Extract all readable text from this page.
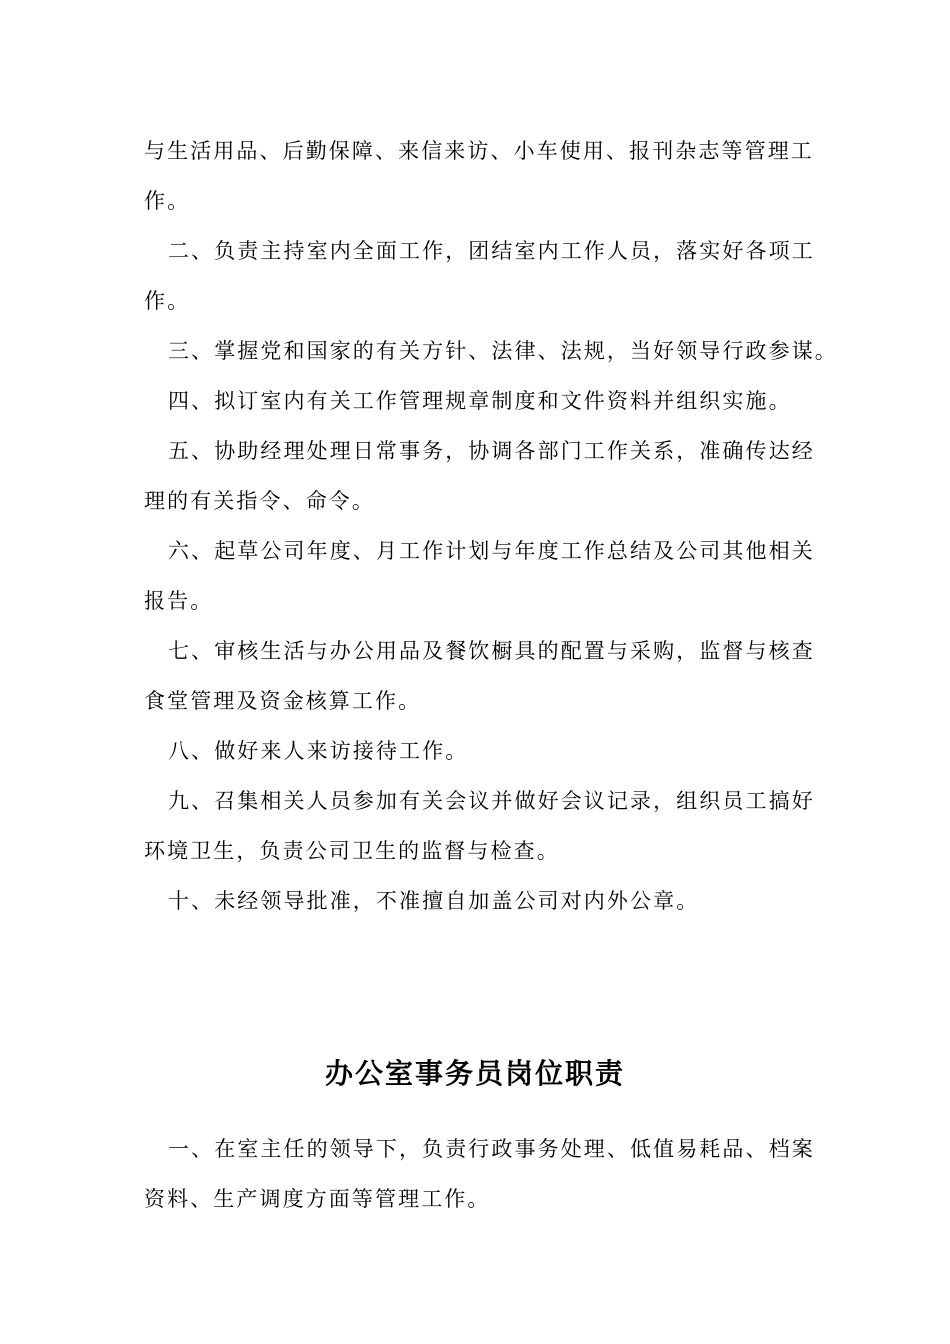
与生活用品、后勤保障、来信来访、小车使用、报刊杂志等管理工
作。
二、负责主持室内全面工作，团结室内工作人员，落实好各项工
作。
三、掌握党和国家的有关方针、法律、法规，当好领导行政参谋。
四、拟订室内有关工作管理规章制度和文件资料并组织实施。
五、协助经理处理日常事务，协调各部门工作关系，准确传达经
理的有关指令、命令。
六、起草公司年度、月工作计划与年度工作总结及公司其他相关
报告。
七、审核生活与办公用品及餐饮橱具的配置与采购，监督与核查
食堂管理及资金核算工作。
八、做好来人来访接待工作。
九、召集相关人员参加有关会议并做好会议记录，组织员工搞好
环境卫生，负责公司卫生的监督与检查。
十、未经领导批准，不准擅自加盖公司对内外公章。
办公室事务员岗位职责
一、在室主任的领导下，负责行政事务处理、低值易耗品、档案
资料、生产调度方面等管理工作。
